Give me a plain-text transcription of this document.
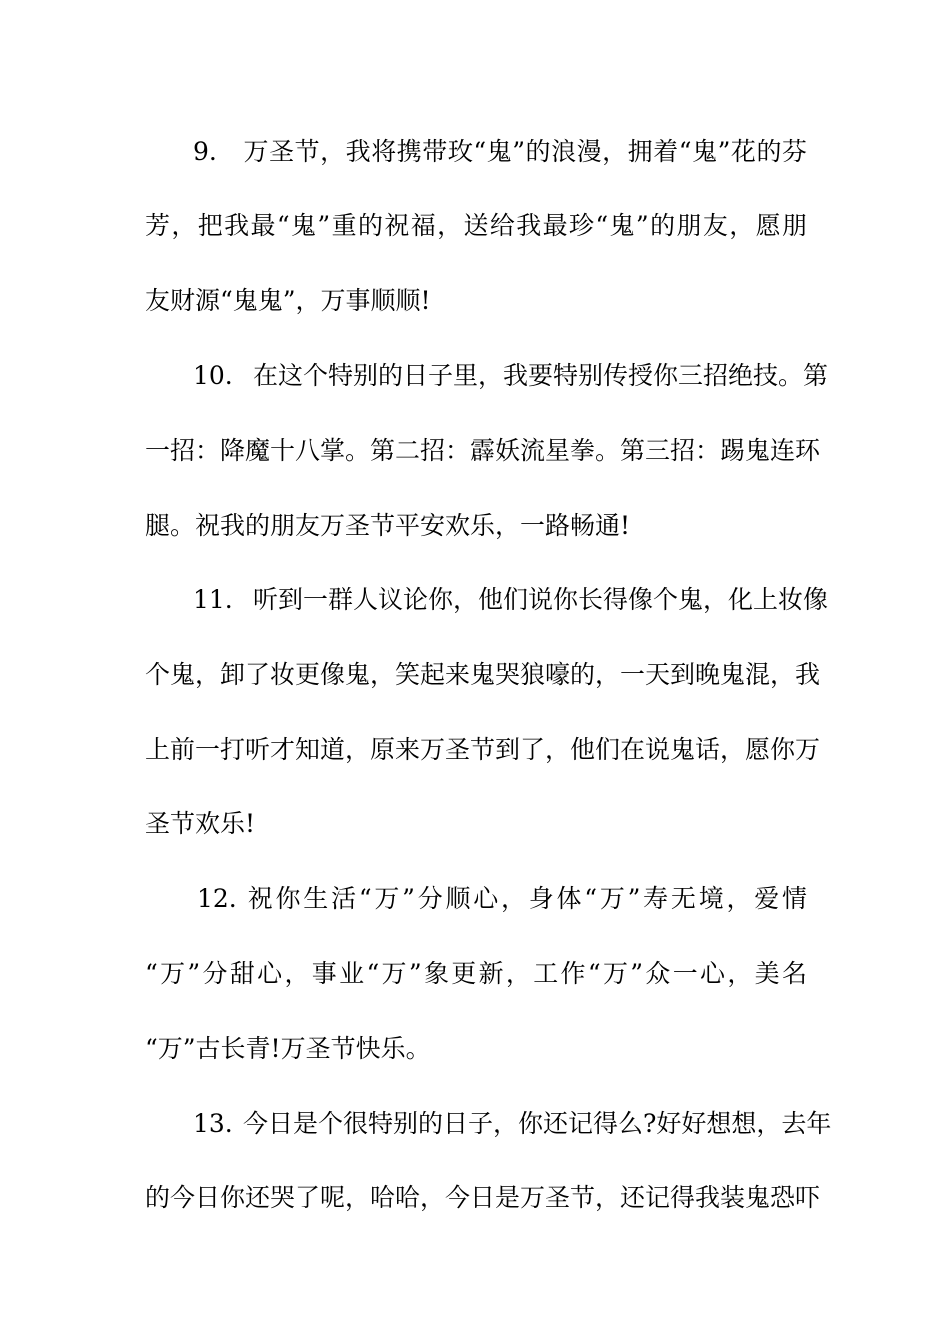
9. 万圣节，我将携带玫“鬼”的浪漫，拥着“鬼”花的芬
芳，把我最“鬼”重的祝福，送给我最珍“鬼”的朋友，愿朋
友财源“鬼鬼”，万事顺顺!
10. 在这个特别的日子里，我要特别传授你三招绝技。第
一招：降魔十八掌。第二招：霹妖流星拳。第三招：踢鬼连环
腿。祝我的朋友万圣节平安欢乐，一路畅通!
11. 听到一群人议论你，他们说你长得像个鬼，化上妆像
个鬼，卸了妆更像鬼，笑起来鬼哭狼嚎的，一天到晚鬼混，我
上前一打听才知道，原来万圣节到了，他们在说鬼话，愿你万
圣节欢乐!
12. 祝你生活“万”分顺心，身体“万”寿无境，爱情
“万”分甜心，事业“万”象更新，工作“万”众一心，美名
“万”古长青!万圣节快乐。
13. 今日是个很特别的日子，你还记得么?好好想想，去年
的今日你还哭了呢，哈哈，今日是万圣节，还记得我装鬼恐吓
